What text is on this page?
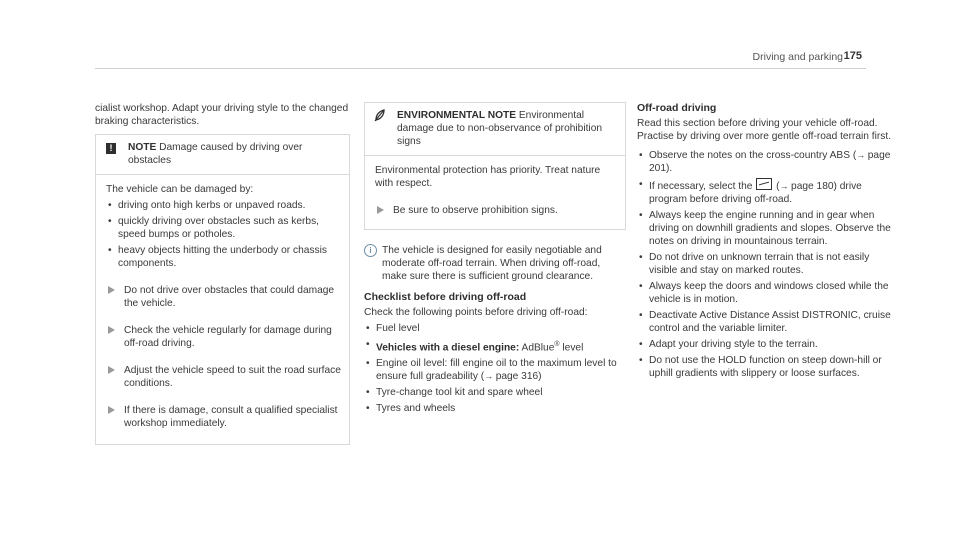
Driving and parking 175

cialist workshop. Adapt your driving style to the changed braking characteristics.

!	NOTE Damage caused by driving over obstacles
The vehicle can be damaged by:
• driving onto high kerbs or unpaved roads.
• quickly driving over obstacles such as kerbs, speed bumps or potholes.
• heavy objects hitting the underbody or chassis components.
Do not drive over obstacles that could damage the vehicle.
Check the vehicle regularly for damage during off-road driving.
Adjust the vehicle speed to suit the road surface conditions.
If there is damage, consult a qualified specialist workshop immediately.
ENVIRONMENTAL NOTE Environmental damage due to non-observance of prohibition signs
Environmental protection has priority. Treat nature with respect.
Be sure to observe prohibition signs.
i	The vehicle is designed for easily negotiable and moderate off-road terrain. When driving off-road, make sure there is sufficient ground clearance.
Checklist before driving off-road
Check the following points before driving off-road:
• Fuel level
• Vehicles with a diesel engine: AdBlue® level
• Engine oil level: fill engine oil to the maximum level to ensure full gradeability (→ page 316)
• Tyre-change tool kit and spare wheel
• Tyres and wheels
Off-road driving

Read this section before driving your vehicle off-road. Practise by driving over more gentle off-road terrain first.

• Observe the notes on the cross-country ABS (→ page 201).
• If necessary, select the (→ page 180) drive program before driving off-road.
• Always keep the engine running and in gear when driving on downhill gradients and slopes. Observe the notes on driving in mountainous terrain.
• Do not drive on unknown terrain that is not easily visible and stay on marked routes.
• Always keep the doors and windows closed while the vehicle is in motion.
• Deactivate Active Distance Assist DISTRONIC, cruise control and the variable limiter.
• Adapt your driving style to the terrain.
• Do not use the HOLD function on steep down-hill or uphill gradients with slippery or loose surfaces.
